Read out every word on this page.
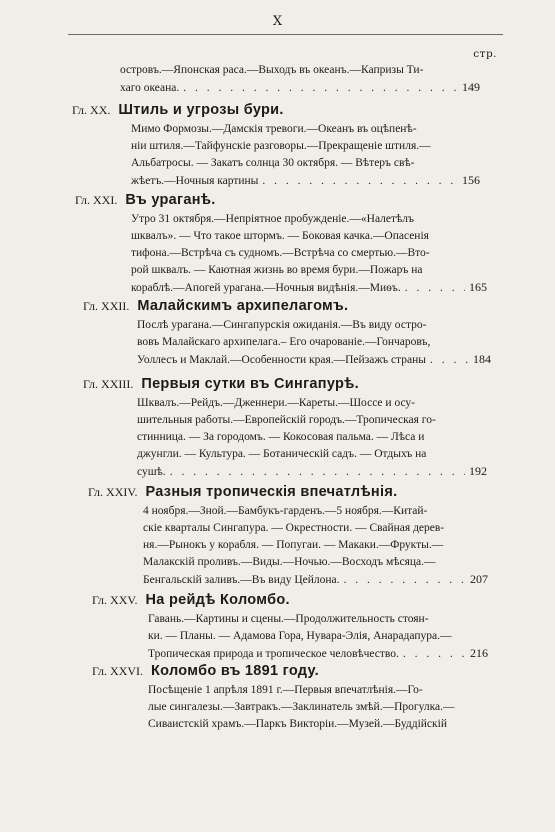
X
стр.
островъ.—Японская раса.—Выходъ въ океанъ.—Капризы Ти-
хаго океана. . . .	149
Гл. XX. Штиль и угрозы бури.
Мимо Формозы.—Дамскія тревоги.—Океанъ въ оцѣпенѣ-
ніи штиля.—Тайфунскіе разговоры.—Прекращеніе штиля.—
Альбатросы. — Закатъ солнца 30 октября. — Вѣтеръ свѣ-
жѣетъ.—Ночныя картины . . .	156
Гл. XXI. Въ ураганѣ.
Утро 31 октября.—Непріятное пробужденіе.—«Налетѣлъ
шквалъ». — Что такое штормъ. — Боковая качка.—Опасенія
тифона.—Встрѣча съ судномъ.—Встрѣча со смертью.—Вто-
рой шквалъ. — Каютная жизнь во время бури.—Пожаръ на
кораблѣ.—Апогей урагана.—Ночныя видѣнія.—Миѳъ. . . .	165
Гл. XXII. Малайскимъ архипелагомъ.
Послѣ урагана.—Сингапурскія ожиданія.—Въ виду остро-
вовъ Малайскаго архипелага.– Его очарованіе.—Гончаровъ,
Уоллесъ и Маклай.—Особенности края.—Пейзажъ страны . . .	184
Гл. XXIII. Первыя сутки въ Сингапурѣ.
Шквалъ.—Рейдъ.—Дженнери.—Кареты.—Шоссе и осу-
шительныя работы.—Европейскій городъ.—Тропическая го-
стинница. — За городомъ. — Кокосовая пальма. — Лѣса и
джунгли. — Культура. — Ботаническій садъ. — Отдыхъ на
сушѣ. . . .	192
Гл. XXIV. Разныя тропическія впечатлѣнія.
4 ноября.—Зной.—Бамбукъ-гарденъ.—5 ноября.—Китай-
скіе кварталы Сингапура. — Окрестности. — Свайная дерев-
ня.—Рынокъ у корабля. — Попугаи. — Макаки.—Фрукты.—
Малакскій проливъ.—Виды.—Ночью.—Восходъ мѣсяца.—
Бенгальскій заливъ.—Въ виду Цейлона. . . .	207
Гл. XXV. На рейдѣ Коломбо.
Гавань.—Картины и сцены.—Продолжительность стоян-
ки. — Планы. — Адамова Гора, Нувара-Элія, Анарадапура.—
Тропическая природа и тропическое человѣчество. . . .	216
Гл. XXVI. Коломбо въ 1891 году.
Посѣщеніе 1 апрѣля 1891 г.—Первыя впечатлѣнія.—Го-
лые сингалезы.—Завтракъ.—Заклинатель змѣй.—Прогулка.—
Сиваистскій храмъ.—Паркъ Викторіи.—Музей.—Буддійскій
